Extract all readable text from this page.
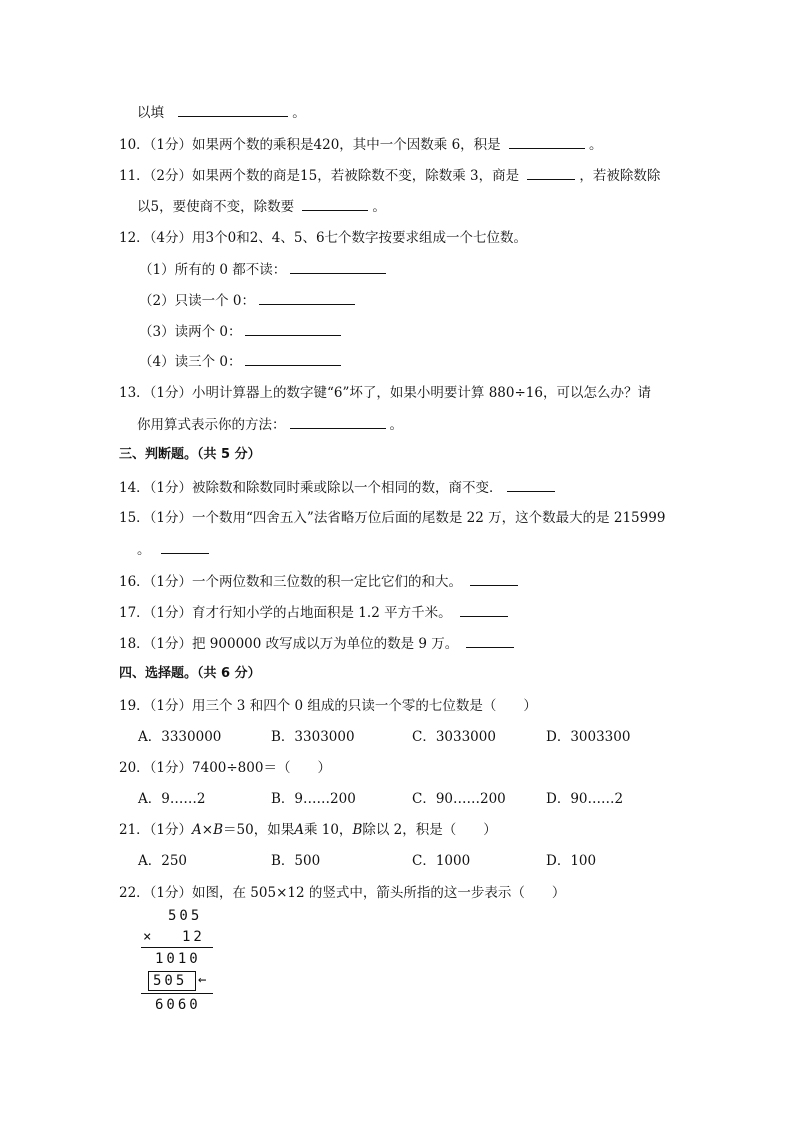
以填	。
10．（1分）如果两个数的乘积是420，其中一个因数乘 6，积是	。
11．（2分）如果两个数的商是15，若被除数不变，除数乘 3，商是	，若被除数除
以5，要使商不变，除数要	。
12．（4分）用3个0和2、4、5、6七个数字按要求组成一个七位数。
（1）所有的 0 都不读：
（2）只读一个 0：
（3）读两个 0：
（4）读三个 0：
13．（1分）小明计算器上的数字键“6”坏了，如果小明要计算 880÷16，可以怎么办？请
你用算式表示你的方法：	。
三、判断题。（共 5 分）
14．（1分）被除数和除数同时乘或除以一个相同的数，商不变．
15．（1分）一个数用“四舍五入”法省略万位后面的尾数是 22 万，这个数最大的是 215999
。
16．（1分）一个两位数和三位数的积一定比它们的和大。
17．（1分）育才行知小学的占地面积是 1.2 平方千米。
18．（1分）把 900000 改写成以万为单位的数是 9 万。
四、选择题。（共 6 分）
19．（1分）用三个 3 和四个 0 组成的只读一个零的七位数是（　　）
A．3330000	B．3303000	C．3033000	D．3003300
20．（1分）7400÷800＝（　　）
A．9……2	B．9……200	C．90……200	D．90……2
21．（1分）A×B＝50，如果A乘 10，B除以 2，积是（　　）
A．250	B．500	C．1000	D．100
22．（1分）如图，在 505×12 的竖式中，箭头所指的这一步表示（　　）
505
× 12
1010
505 ←
6060
